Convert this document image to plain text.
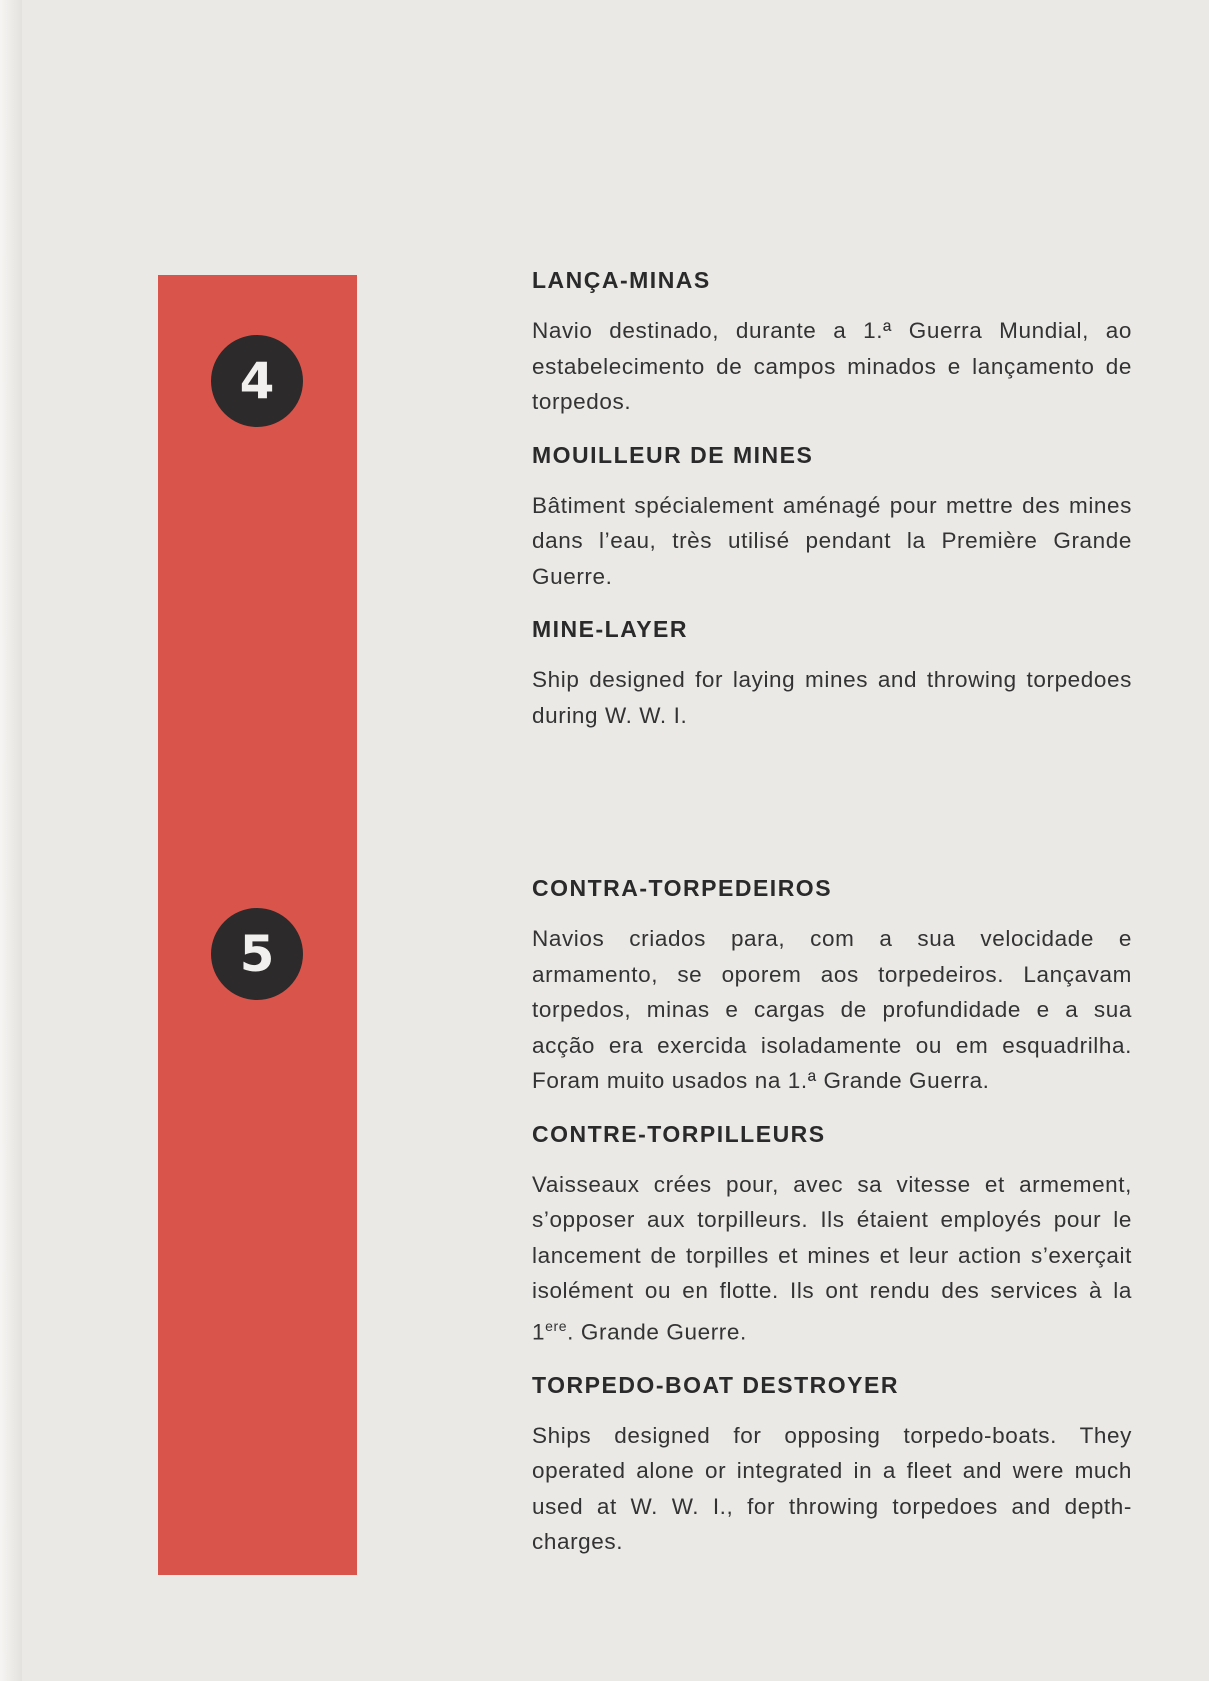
4
5
LANÇA-MINAS

Navio destinado, durante a 1.ª Guerra Mundial, ao estabelecimento de campos minados e lançamento de torpedos.

MOUILLEUR DE MINES

Bâtiment spécialement aménagé pour mettre des mines dans l’eau, très utilisé pendant la Première Grande Guerre.

MINE-LAYER

Ship designed for laying mines and throwing torpedoes during W. W. I.

CONTRA-TORPEDEIROS

Navios criados para, com a sua velocidade e armamento, se oporem aos torpedeiros. Lançavam torpedos, minas e cargas de profundidade e a sua acção era exercida isoladamente ou em esquadrilha. Foram muito usados na 1.ª Grande Guerra.

CONTRE-TORPILLEURS

Vaisseaux crées pour, avec sa vitesse et armement, s’opposer aux torpilleurs. Ils étaient employés pour le lancement de torpilles et mines et leur action s’exerçait isolément ou en flotte. Ils ont rendu des services à la 1ere. Grande Guerre.

TORPEDO-BOAT DESTROYER

Ships designed for opposing torpedo-boats. They operated alone or integrated in a fleet and were much used at W. W. I., for throwing torpedoes and depth-charges.
